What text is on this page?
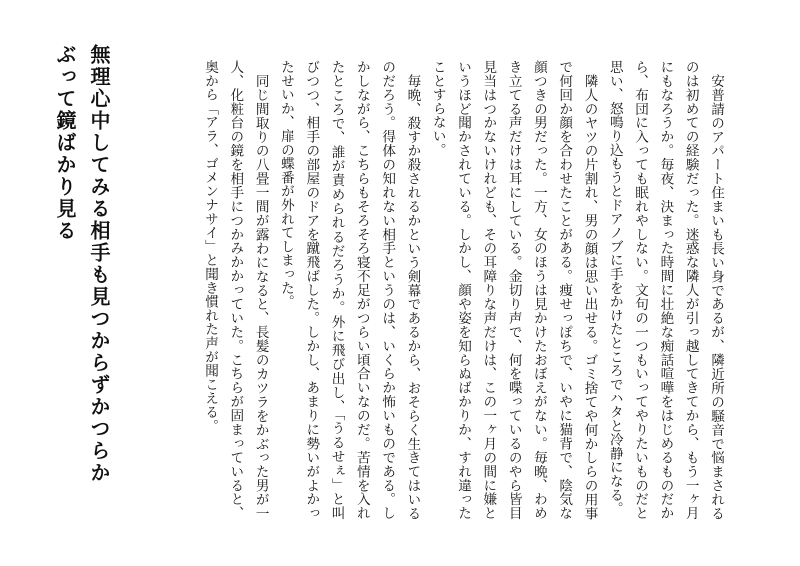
無理心中してみる相手も見つからずかつらか
ぶって鏡ばかり見る	安普請のアパート住まいも長い身であるが、隣近所の騒音で悩まされるのは初めての経験だった。迷惑な隣人が引っ越してきてから、もう一ヶ月にもなろうか。毎夜、決まった時間に壮絶な痴話喧嘩をはじめるものだから、布団に入っても眠れやしない。文句の一つもいってやりたいものだと思い、怒鳴り込もうとドアノブに手をかけたところでハタと冷静になる。

隣人のヤツの片割れ、男の顔は思い出せる。ゴミ捨てや何かしらの用事で何回か顔を合わせたことがある。痩せっぽちで、いやに猫背で、陰気な顔つきの男だった。一方、女のほうは見かけたおぼえがない。毎晩、わめき立てる声だけは耳にしている。金切り声で、何を喋っているのやら皆目見当はつかないけれども、その耳障りな声だけは、この一ヶ月の間に嫌というほど聞かされている。しかし、顔や姿を知らぬばかりか、すれ違ったことすらない。

毎晩、殺すか殺されるかという剣幕であるから、おそらく生きてはいるのだろう。得体の知れない相手というのは、いくらか怖いものである。しかしながら、こちらもそろそろ寝不足がつらい頃合いなのだ。苦情を入れたところで、誰が責められるだろうか。外に飛び出し、「うるせぇ」と叫びつつ、相手の部屋のドアを蹴飛ばした。しかし、あまりに勢いがよかったせいか、扉の蝶番が外れてしまった。

同じ間取りの八畳一間が露わになると、長髪のカツラをかぶった男が一人、化粧台の鏡を相手につかみかかっていた。こちらが固まっていると、奥から「アラ、ゴメンナサイ」と聞き慣れた声が聞こえる。
